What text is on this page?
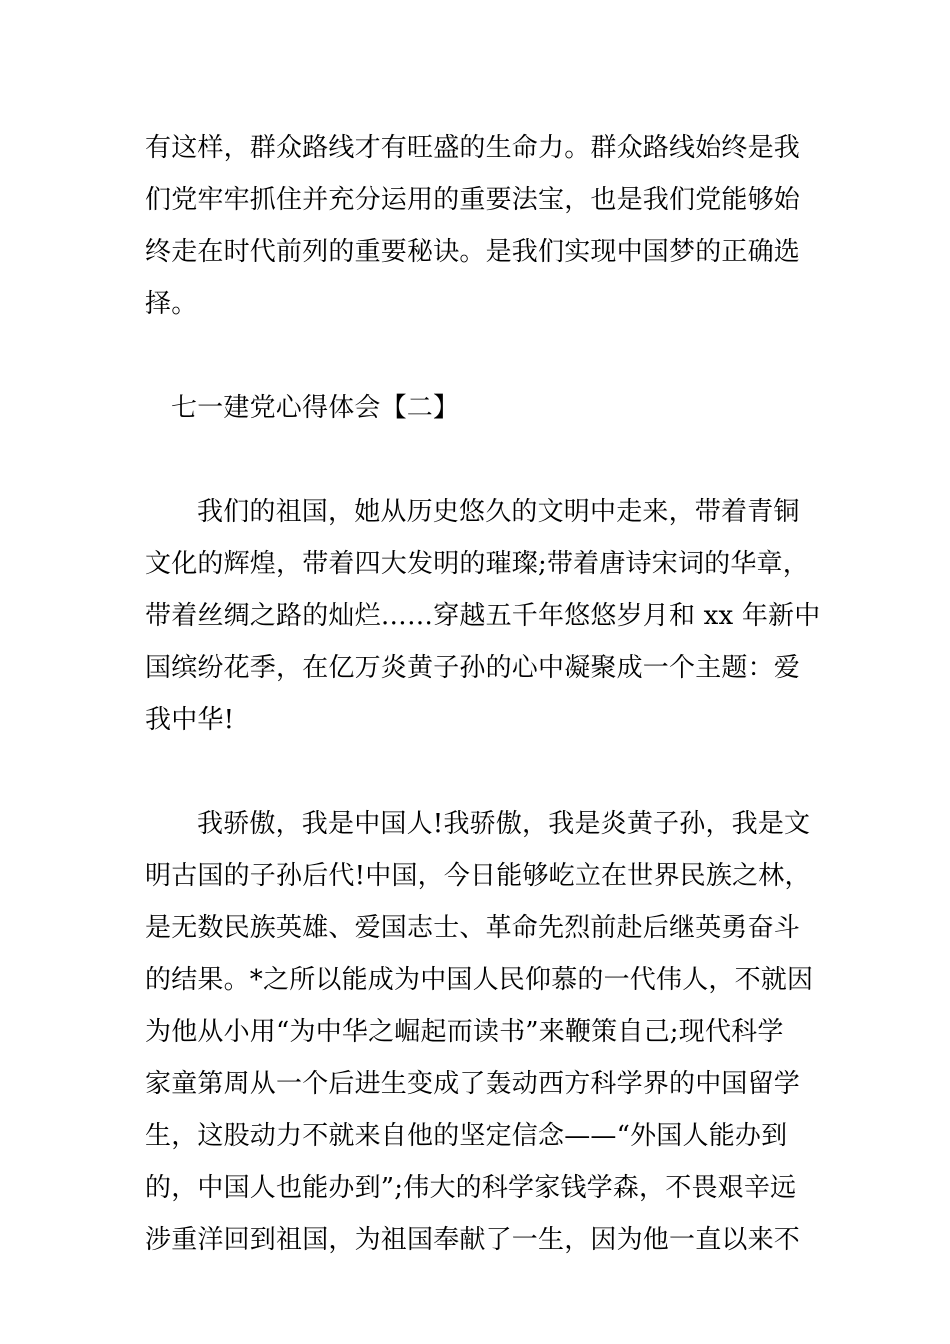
有这样，群众路线才有旺盛的生命力。群众路线始终是我
们党牢牢抓住并充分运用的重要法宝，也是我们党能够始
终走在时代前列的重要秘诀。是我们实现中国梦的正确选
择。
七一建党心得体会【二】
我们的祖国，她从历史悠久的文明中走来，带着青铜
文化的辉煌，带着四大发明的璀璨;带着唐诗宋词的华章，
带着丝绸之路的灿烂……穿越五千年悠悠岁月和 xx 年新中
国缤纷花季，在亿万炎黄子孙的心中凝聚成一个主题：爱
我中华!
我骄傲，我是中国人!我骄傲，我是炎黄子孙，我是文
明古国的子孙后代!中国，今日能够屹立在世界民族之林，
是无数民族英雄、爱国志士、革命先烈前赴后继英勇奋斗
的结果。*之所以能成为中国人民仰慕的一代伟人，不就因
为他从小用“为中华之崛起而读书”来鞭策自己;现代科学
家童第周从一个后进生变成了轰动西方科学界的中国留学
生，这股动力不就来自他的坚定信念——“外国人能办到
的，中国人也能办到”;伟大的科学家钱学森，不畏艰辛远
涉重洋回到祖国，为祖国奉献了一生，因为他一直以来不
